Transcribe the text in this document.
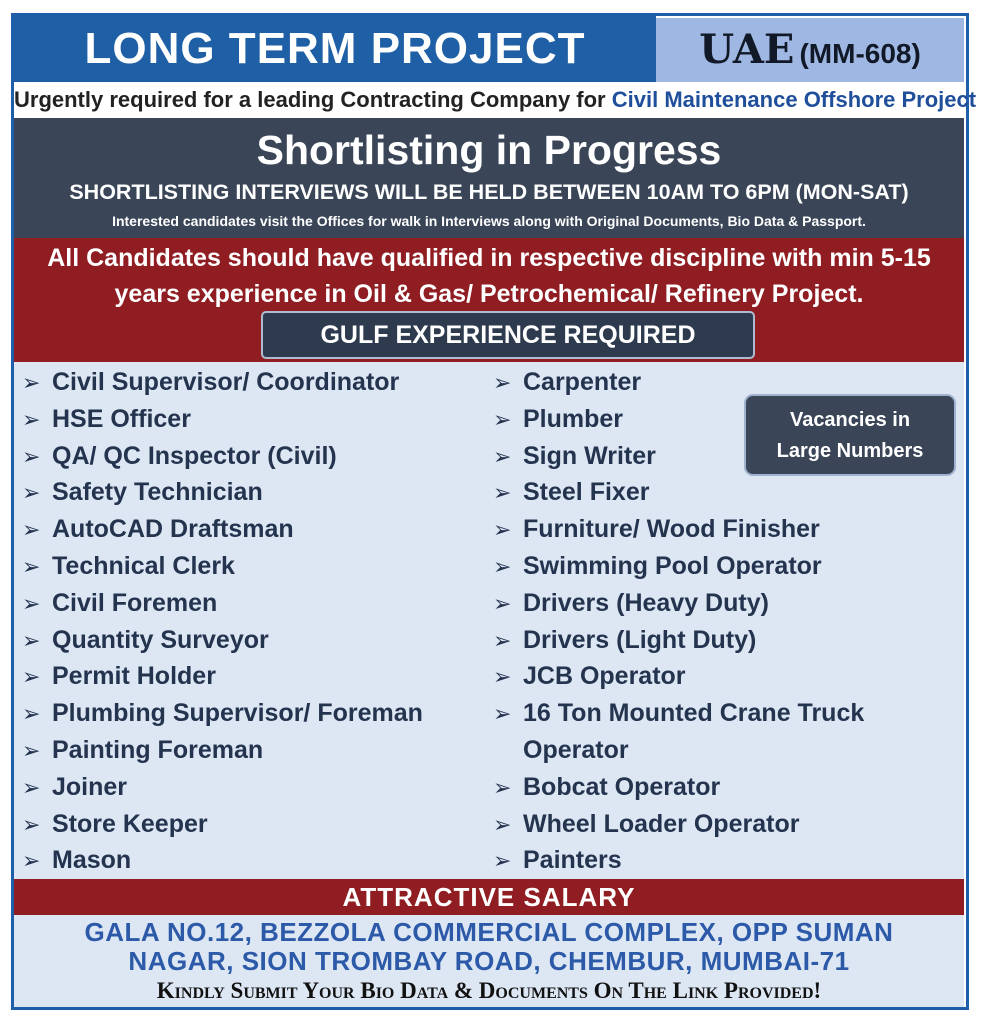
LONG TERM PROJECT	UAE (MM-608)
Urgently required for a leading Contracting Company for Civil Maintenance Offshore Project
Shortlisting in Progress
SHORTLISTING INTERVIEWS WILL BE HELD BETWEEN 10AM TO 6PM (MON-SAT)
Interested candidates visit the Offices for walk in Interviews along with Original Documents, Bio Data & Passport.
All Candidates should have qualified in respective discipline with min 5-15
years experience in Oil & Gas/ Petrochemical/ Refinery Project.
GULF EXPERIENCE REQUIRED
➢ Civil Supervisor/ Coordinator
➢ HSE Officer
➢ QA/ QC Inspector (Civil)
➢ Safety Technician
➢ AutoCAD Draftsman
➢ Technical Clerk
➢ Civil Foremen
➢ Quantity Surveyor
➢ Permit Holder
➢ Plumbing Supervisor/ Foreman
➢ Painting Foreman
➢ Joiner
➢ Store Keeper
➢ Mason
➢ Carpenter
➢ Plumber
➢ Sign Writer
➢ Steel Fixer
➢ Furniture/ Wood Finisher
➢ Swimming Pool Operator
➢ Drivers (Heavy Duty)
➢ Drivers (Light Duty)
➢ JCB Operator
➢ 16 Ton Mounted Crane Truck
Operator
➢ Bobcat Operator
➢ Wheel Loader Operator
➢ Painters
Vacancies in
Large Numbers
ATTRACTIVE SALARY
GALA NO.12, BEZZOLA COMMERCIAL COMPLEX, OPP SUMAN
NAGAR, SION TROMBAY ROAD, CHEMBUR, MUMBAI-71
Kindly Submit Your Bio Data & Documents On The Link Provided!
